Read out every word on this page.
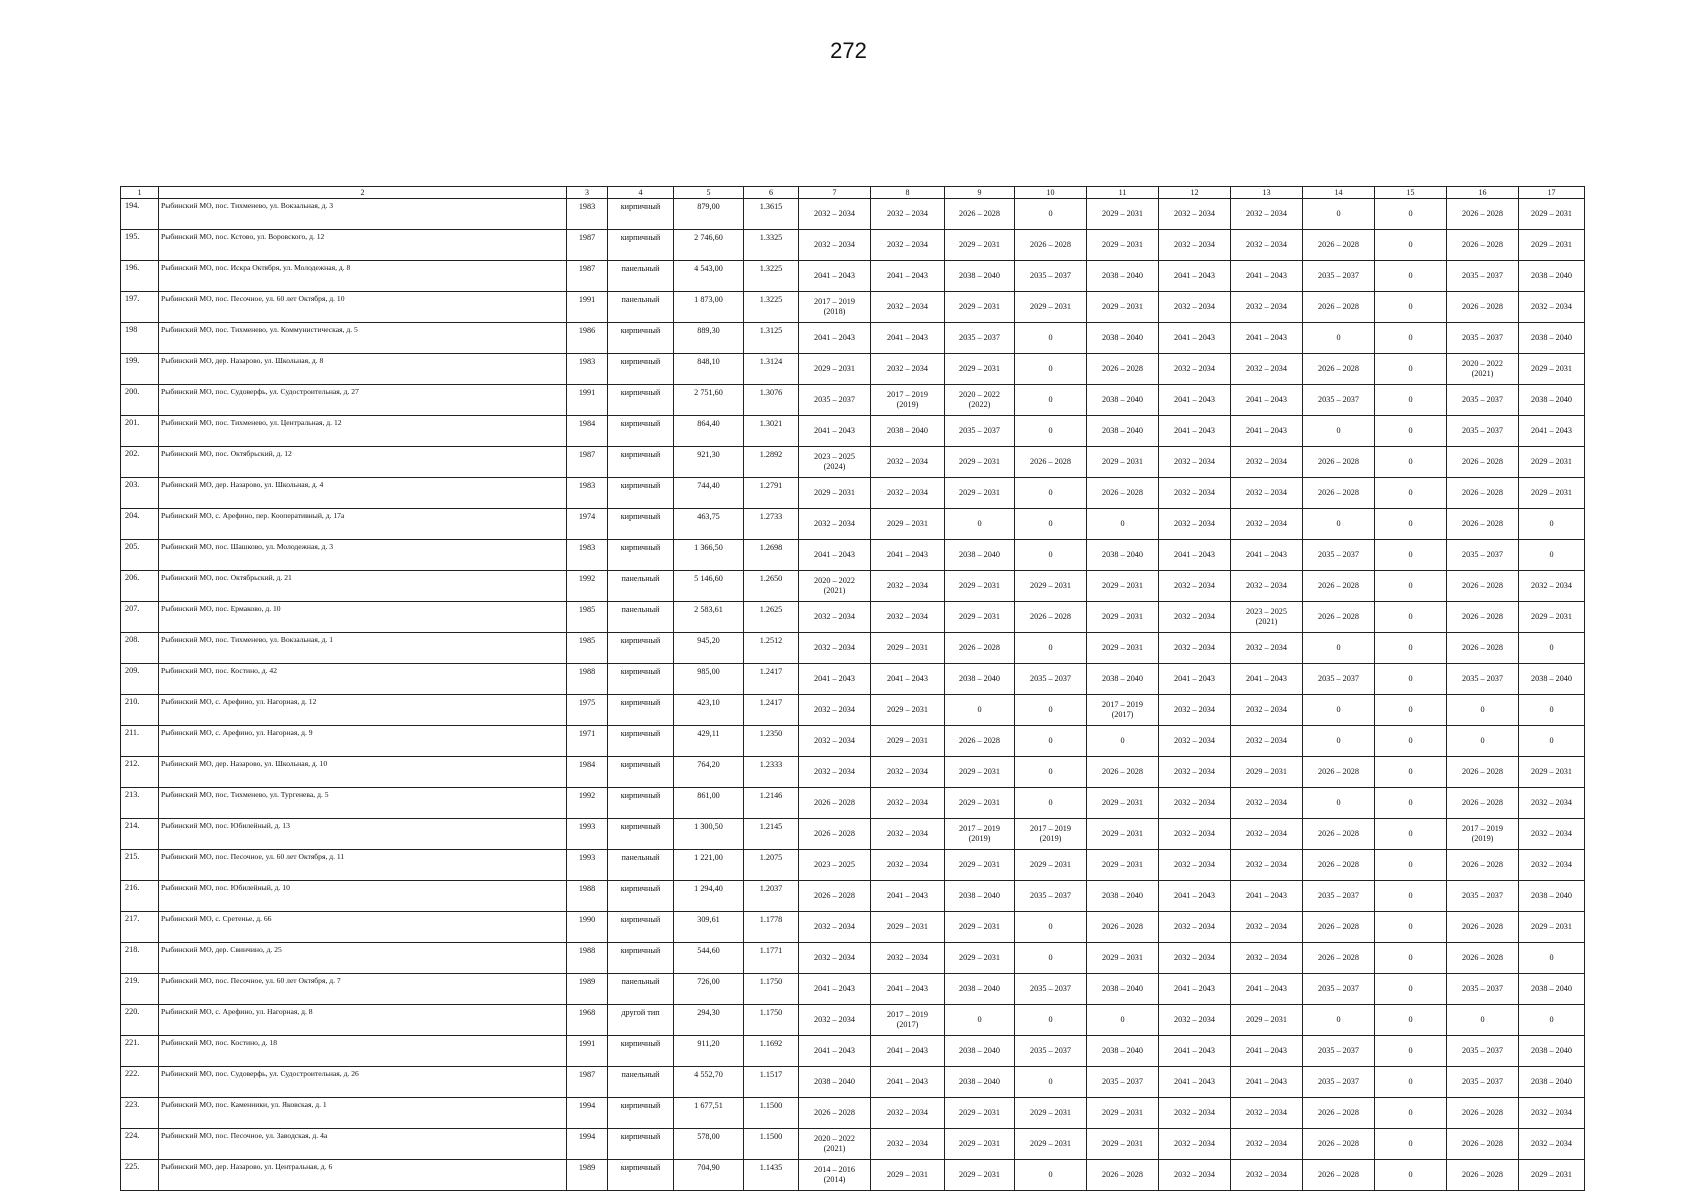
272
1	2	3	4	5	6	7	8	9	10	11	12	13	14	15	16	17
194.	Рыбинский МО, пос. Тихменево, ул. Вокзальная, д. 3	1983	кирпичный	879,00	1.3615	2032 – 2034	2032 – 2034	2026 – 2028	0	2029 – 2031	2032 – 2034	2032 – 2034	0	0	2026 – 2028	2029 – 2031
195.	Рыбинский МО, пос. Кстово, ул. Воровского, д. 12	1987	кирпичный	2 746,60	1.3325	2032 – 2034	2032 – 2034	2029 – 2031	2026 – 2028	2029 – 2031	2032 – 2034	2032 – 2034	2026 – 2028	0	2026 – 2028	2029 – 2031
196.	Рыбинский МО, пос. Искра Октября, ул. Молодежная, д. 8	1987	панельный	4 543,00	1.3225	2041 – 2043	2041 – 2043	2038 – 2040	2035 – 2037	2038 – 2040	2041 – 2043	2041 – 2043	2035 – 2037	0	2035 – 2037	2038 – 2040
197.	Рыбинский МО, пос. Песочное, ул. 60 лет Октября, д. 10	1991	панельный	1 873,00	1.3225	2017 – 2019
(2018)	2032 – 2034	2029 – 2031	2029 – 2031	2029 – 2031	2032 – 2034	2032 – 2034	2026 – 2028	0	2026 – 2028	2032 – 2034
198	Рыбинский МО, пос. Тихменево, ул. Коммунистическая, д. 5	1986	кирпичный	889,30	1.3125	2041 – 2043	2041 – 2043	2035 – 2037	0	2038 – 2040	2041 – 2043	2041 – 2043	0	0	2035 – 2037	2038 – 2040
199.	Рыбинский МО, дер. Назарово, ул. Школьная, д. 8	1983	кирпичный	848,10	1.3124	2029 – 2031	2032 – 2034	2029 – 2031	0	2026 – 2028	2032 – 2034	2032 – 2034	2026 – 2028	0	2020 – 2022
(2021)	2029 – 2031
200.	Рыбинский МО, пос. Судоверфь, ул. Судостроительная, д. 27	1991	кирпичный	2 751,60	1.3076	2035 – 2037	2017 – 2019
(2019)	2020 – 2022
(2022)	0	2038 – 2040	2041 – 2043	2041 – 2043	2035 – 2037	0	2035 – 2037	2038 – 2040
201.	Рыбинский МО, пос. Тихменево, ул. Центральная, д. 12	1984	кирпичный	864,40	1.3021	2041 – 2043	2038 – 2040	2035 – 2037	0	2038 – 2040	2041 – 2043	2041 – 2043	0	0	2035 – 2037	2041 – 2043
202.	Рыбинский МО, пос. Октябрьский, д. 12	1987	кирпичный	921,30	1.2892	2023 – 2025
(2024)	2032 – 2034	2029 – 2031	2026 – 2028	2029 – 2031	2032 – 2034	2032 – 2034	2026 – 2028	0	2026 – 2028	2029 – 2031
203.	Рыбинский МО, дер. Назарово, ул. Школьная, д. 4	1983	кирпичный	744,40	1.2791	2029 – 2031	2032 – 2034	2029 – 2031	0	2026 – 2028	2032 – 2034	2032 – 2034	2026 – 2028	0	2026 – 2028	2029 – 2031
204.	Рыбинский МО, с. Арефино, пер. Кооперативный, д. 17а	1974	кирпичный	463,75	1.2733	2032 – 2034	2029 – 2031	0	0	0	2032 – 2034	2032 – 2034	0	0	2026 – 2028	0
205.	Рыбинский МО, пос. Шашково, ул. Молодежная, д. 3	1983	кирпичный	1 366,50	1.2698	2041 – 2043	2041 – 2043	2038 – 2040	0	2038 – 2040	2041 – 2043	2041 – 2043	2035 – 2037	0	2035 – 2037	0
206.	Рыбинский МО, пос. Октябрьский, д. 21	1992	панельный	5 146,60	1.2650	2020 – 2022
(2021)	2032 – 2034	2029 – 2031	2029 – 2031	2029 – 2031	2032 – 2034	2032 – 2034	2026 – 2028	0	2026 – 2028	2032 – 2034
207.	Рыбинский МО, пос. Ермаково, д. 10	1985	панельный	2 583,61	1.2625	2032 – 2034	2032 – 2034	2029 – 2031	2026 – 2028	2029 – 2031	2032 – 2034	2023 – 2025
(2021)	2026 – 2028	0	2026 – 2028	2029 – 2031
208.	Рыбинский МО, пос. Тихменево, ул. Вокзальная, д. 1	1985	кирпичный	945,20	1.2512	2032 – 2034	2029 – 2031	2026 – 2028	0	2029 – 2031	2032 – 2034	2032 – 2034	0	0	2026 – 2028	0
209.	Рыбинский МО, пос. Костино, д. 42	1988	кирпичный	985,00	1.2417	2041 – 2043	2041 – 2043	2038 – 2040	2035 – 2037	2038 – 2040	2041 – 2043	2041 – 2043	2035 – 2037	0	2035 – 2037	2038 – 2040
210.	Рыбинский МО, с. Арефино, ул. Нагорная, д. 12	1975	кирпичный	423,10	1.2417	2032 – 2034	2029 – 2031	0	0	2017 – 2019
(2017)	2032 – 2034	2032 – 2034	0	0	0	0
211.	Рыбинский МО, с. Арефино, ул. Нагорная, д. 9	1971	кирпичный	429,11	1.2350	2032 – 2034	2029 – 2031	2026 – 2028	0	0	2032 – 2034	2032 – 2034	0	0	0	0
212.	Рыбинский МО, дер. Назарово, ул. Школьная, д. 10	1984	кирпичный	764,20	1.2333	2032 – 2034	2032 – 2034	2029 – 2031	0	2026 – 2028	2032 – 2034	2029 – 2031	2026 – 2028	0	2026 – 2028	2029 – 2031
213.	Рыбинский МО, пос. Тихменево, ул. Тургенева, д. 5	1992	кирпичный	861,00	1.2146	2026 – 2028	2032 – 2034	2029 – 2031	0	2029 – 2031	2032 – 2034	2032 – 2034	0	0	2026 – 2028	2032 – 2034
214.	Рыбинский МО, пос. Юбилейный, д. 13	1993	кирпичный	1 300,50	1.2145	2026 – 2028	2032 – 2034	2017 – 2019
(2019)	2017 – 2019
(2019)	2029 – 2031	2032 – 2034	2032 – 2034	2026 – 2028	0	2017 – 2019
(2019)	2032 – 2034
215.	Рыбинский МО, пос. Песочное, ул. 60 лет Октября, д. 11	1993	панельный	1 221,00	1.2075	2023 – 2025	2032 – 2034	2029 – 2031	2029 – 2031	2029 – 2031	2032 – 2034	2032 – 2034	2026 – 2028	0	2026 – 2028	2032 – 2034
216.	Рыбинский МО, пос. Юбилейный, д. 10	1988	кирпичный	1 294,40	1.2037	2026 – 2028	2041 – 2043	2038 – 2040	2035 – 2037	2038 – 2040	2041 – 2043	2041 – 2043	2035 – 2037	0	2035 – 2037	2038 – 2040
217.	Рыбинский МО, с. Сретенье, д. 66	1990	кирпичный	309,61	1.1778	2032 – 2034	2029 – 2031	2029 – 2031	0	2026 – 2028	2032 – 2034	2032 – 2034	2026 – 2028	0	2026 – 2028	2029 – 2031
218.	Рыбинский МО, дер. Свинчино, д. 25	1988	кирпичный	544,60	1.1771	2032 – 2034	2032 – 2034	2029 – 2031	0	2029 – 2031	2032 – 2034	2032 – 2034	2026 – 2028	0	2026 – 2028	0
219.	Рыбинский МО, пос. Песочное, ул. 60 лет Октября, д. 7	1989	панельный	726,00	1.1750	2041 – 2043	2041 – 2043	2038 – 2040	2035 – 2037	2038 – 2040	2041 – 2043	2041 – 2043	2035 – 2037	0	2035 – 2037	2038 – 2040
220.	Рыбинский МО, с. Арефино, ул. Нагорная, д. 8	1968	другой тип	294,30	1.1750	2032 – 2034	2017 – 2019
(2017)	0	0	0	2032 – 2034	2029 – 2031	0	0	0	0
221.	Рыбинский МО, пос. Костино, д. 18	1991	кирпичный	911,20	1.1692	2041 – 2043	2041 – 2043	2038 – 2040	2035 – 2037	2038 – 2040	2041 – 2043	2041 – 2043	2035 – 2037	0	2035 – 2037	2038 – 2040
222.	Рыбинский МО, пос. Судоверфь, ул. Судостроительная, д. 26	1987	панельный	4 552,70	1.1517	2038 – 2040	2041 – 2043	2038 – 2040	0	2035 – 2037	2041 – 2043	2041 – 2043	2035 – 2037	0	2035 – 2037	2038 – 2040
223.	Рыбинский МО, пос. Каменники, ул. Яковская, д. 1	1994	кирпичный	1 677,51	1.1500	2026 – 2028	2032 – 2034	2029 – 2031	2029 – 2031	2029 – 2031	2032 – 2034	2032 – 2034	2026 – 2028	0	2026 – 2028	2032 – 2034
224.	Рыбинский МО, пос. Песочное, ул. Заводская, д. 4а	1994	кирпичный	578,00	1.1500	2020 – 2022
(2021)	2032 – 2034	2029 – 2031	2029 – 2031	2029 – 2031	2032 – 2034	2032 – 2034	2026 – 2028	0	2026 – 2028	2032 – 2034
225.	Рыбинский МО, дер. Назарово, ул. Центральная, д. 6	1989	кирпичный	704,90	1.1435	2014 – 2016
(2014)	2029 – 2031	2029 – 2031	0	2026 – 2028	2032 – 2034	2032 – 2034	2026 – 2028	0	2026 – 2028	2029 – 2031
